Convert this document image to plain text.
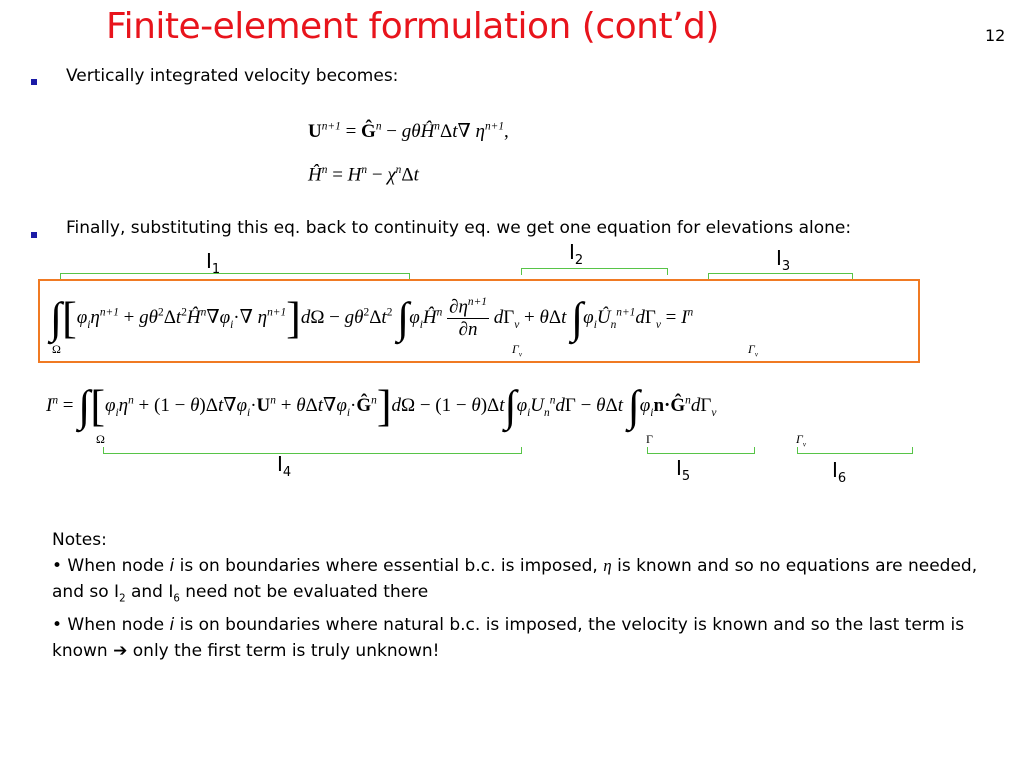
Finite-element formulation (cont’d)	12
Vertically integrated velocity becomes:
$U^{n+1}$ = $Ĝ^n$ − gθĤ$^n$Δt∇ $\eta^{n+1}$,
$Ĥ^n = H^n - \chi^n\Delta t$
Finally, substituting this eq. back to continuity eq. we get one equation for elevations alone:
$I_1$
$I_2$	$I_3$
$\int[\varphi_i\eta^{n+1}$ + $g\theta^2\Delta t^2Ĥ^n\nabla\varphi_i\cdot\nabla$ $\eta^{n+1}]d\Omega - g\theta^2\Delta t^2$ $\int\varphi_iĤ^n \frac{\partial\eta^{n+1}}{\partial n} d\Gamma_v + \theta\Delta t$ $\int\varphi_iÛ_n^{n+1}d\Gamma_v = I^n$
Ω	$\Gamma_v$	$\Gamma_v$
$I^n = \int[\varphi_i\eta^n + (1 - \theta)\Delta t\nabla\varphi_i\cdot U^n$ + $\theta\Delta t\nabla\varphi_i\cdot Ĝ^n]d\Omega - (1 - \theta)\Delta t\int\varphi_iU_n^nd\Gamma - \theta\Delta t$ $\int\varphi_in\cdot Ĝ^nd\Gamma_v$
Ω	Γ	$\Gamma_v$
$I_4$	$I_5$	$I_6$

Notes:

• When node i is on boundaries where essential b.c. is imposed, η is known and so no equations are needed, and so $I_2$ and $I_6$ need not be evaluated there

• When node i is on boundaries where natural b.c. is imposed, the velocity is known and so the last term is known ➔ only the first term is truly unknown!
